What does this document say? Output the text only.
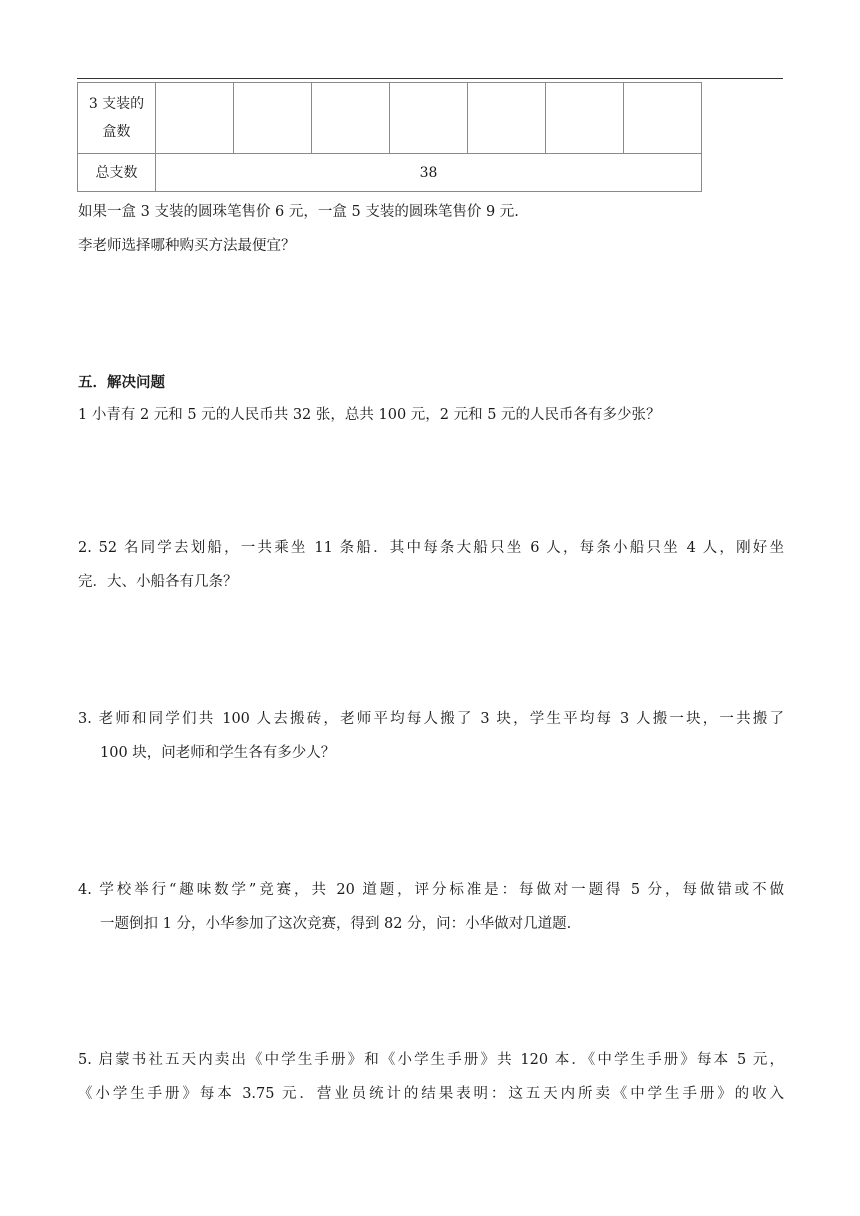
3 支装的
盒数							

总支数	38						
如果一盒 3 支装的圆珠笔售价 6 元，一盒 5 支装的圆珠笔售价 9 元.
李老师选择哪种购买方法最便宜？
五．解决问题
1 小青有 2 元和 5 元的人民币共 32 张，总共 100 元，2 元和 5 元的人民币各有多少张？
2. 52 名同学去划船，一共乘坐 11 条船．其中每条大船只坐 6 人，每条小船只坐 4 人，刚好坐
完．大、小船各有几条？
3. 老师和同学们共 100 人去搬砖，老师平均每人搬了 3 块，学生平均每 3 人搬一块，一共搬了
100 块，问老师和学生各有多少人？
4. 学校举行“趣味数学”竞赛，共 20 道题，评分标准是：每做对一题得 5 分，每做错或不做
一题倒扣 1 分，小华参加了这次竞赛，得到 82 分，问：小华做对几道题.
5. 启蒙书社五天内卖出《中学生手册》和《小学生手册》共 120 本．《中学生手册》每本 5 元，
《小学生手册》每本 3.75 元．营业员统计的结果表明：这五天内所卖《中学生手册》的收入
